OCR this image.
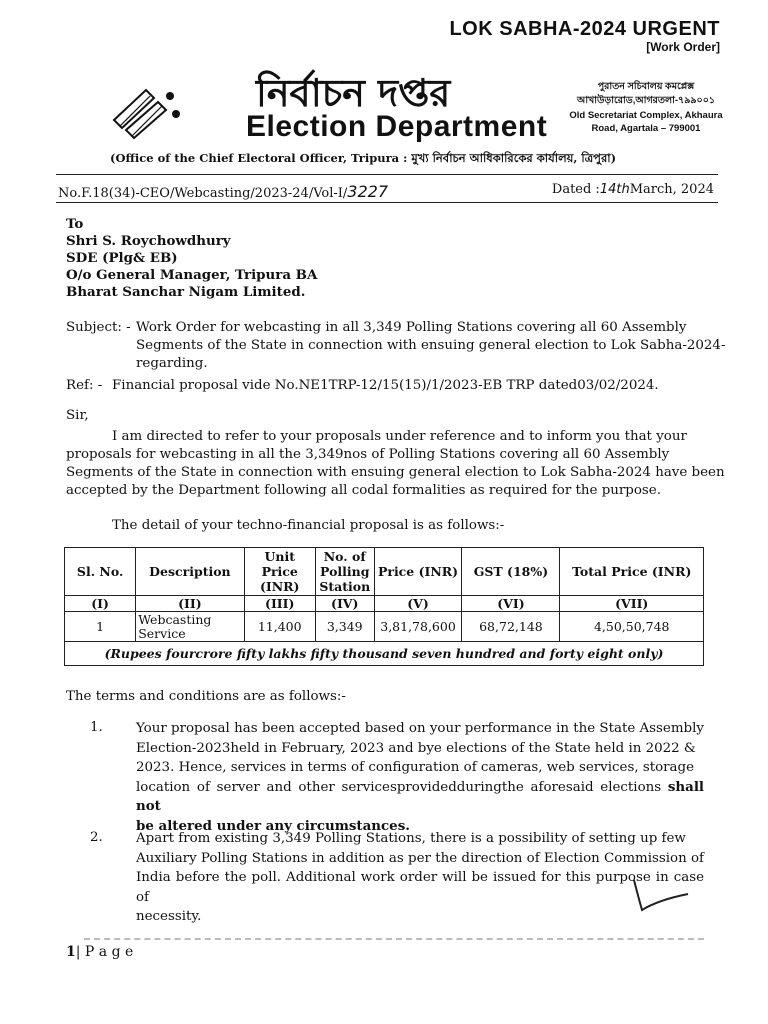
LOK SABHA-2024 URGENT
[Work Order]
নির্বাচন দপ্তর
Election Department
পুরাতন সচিবালয় কমপ্লেক্স
আখাউড়ারোড,আগরতলা-৭৯৯০০১
Old Secretariat Complex, Akhaura
Road, Agartala – 799001
(Office of the Chief Electoral Officer, Tripura : মুখ্য নির্বাচন আধিকারিকের কার্যালয়, ত্রিপুরা)
No.F.18(34)-CEO/Webcasting/2023-24/Vol-I/3227	Dated :14thMarch, 2024
To
Shri S. Roychowdhury
SDE (Plg& EB)
O/o General Manager, Tripura BA
Bharat Sanchar Nigam Limited.
Subject: - Work Order for webcasting in all 3,349 Polling Stations covering all 60 Assembly
Segments of the State in connection with ensuing general election to Lok Sabha-2024-
regarding.
Ref: - Financial proposal vide No.NE1TRP-12/15(15)/1/2023-EB TRP dated03/02/2024.
Sir,
I am directed to refer to your proposals under reference and to inform you that your
proposals for webcasting in all the 3,349nos of Polling Stations covering all 60 Assembly
Segments of the State in connection with ensuing general election to Lok Sabha-2024 have been
accepted by the Department following all codal formalities as required for the purpose.
The detail of your techno-financial proposal is as follows:-
Sl. No.	Description	Unit Price (INR)	No. of Polling Station	Price (INR)	GST (18%)	Total Price (INR)
(I)	(II)	(III)	(IV)	(V)	(VI)	(VII)
1	Webcasting Service	11,400	3,349	3,81,78,600	68,72,148	4,50,50,748
(Rupees fourcrore fifty lakhs fifty thousand seven hundred and forty eight only)						
The terms and conditions are as follows:-
1. Your proposal has been accepted based on your performance in the State Assembly
Election-2023held in February, 2023 and bye elections of the State held in 2022 &
2023. Hence, services in terms of configuration of cameras, web services, storage
location of server and other servicesprovidedduringthe aforesaid elections shall not
be altered under any circumstances.
2. Apart from existing 3,349 Polling Stations, there is a possibility of setting up few
Auxiliary Polling Stations in addition as per the direction of Election Commission of
India before the poll. Additional work order will be issued for this purpose in case of
necessity.
1| P a g e
